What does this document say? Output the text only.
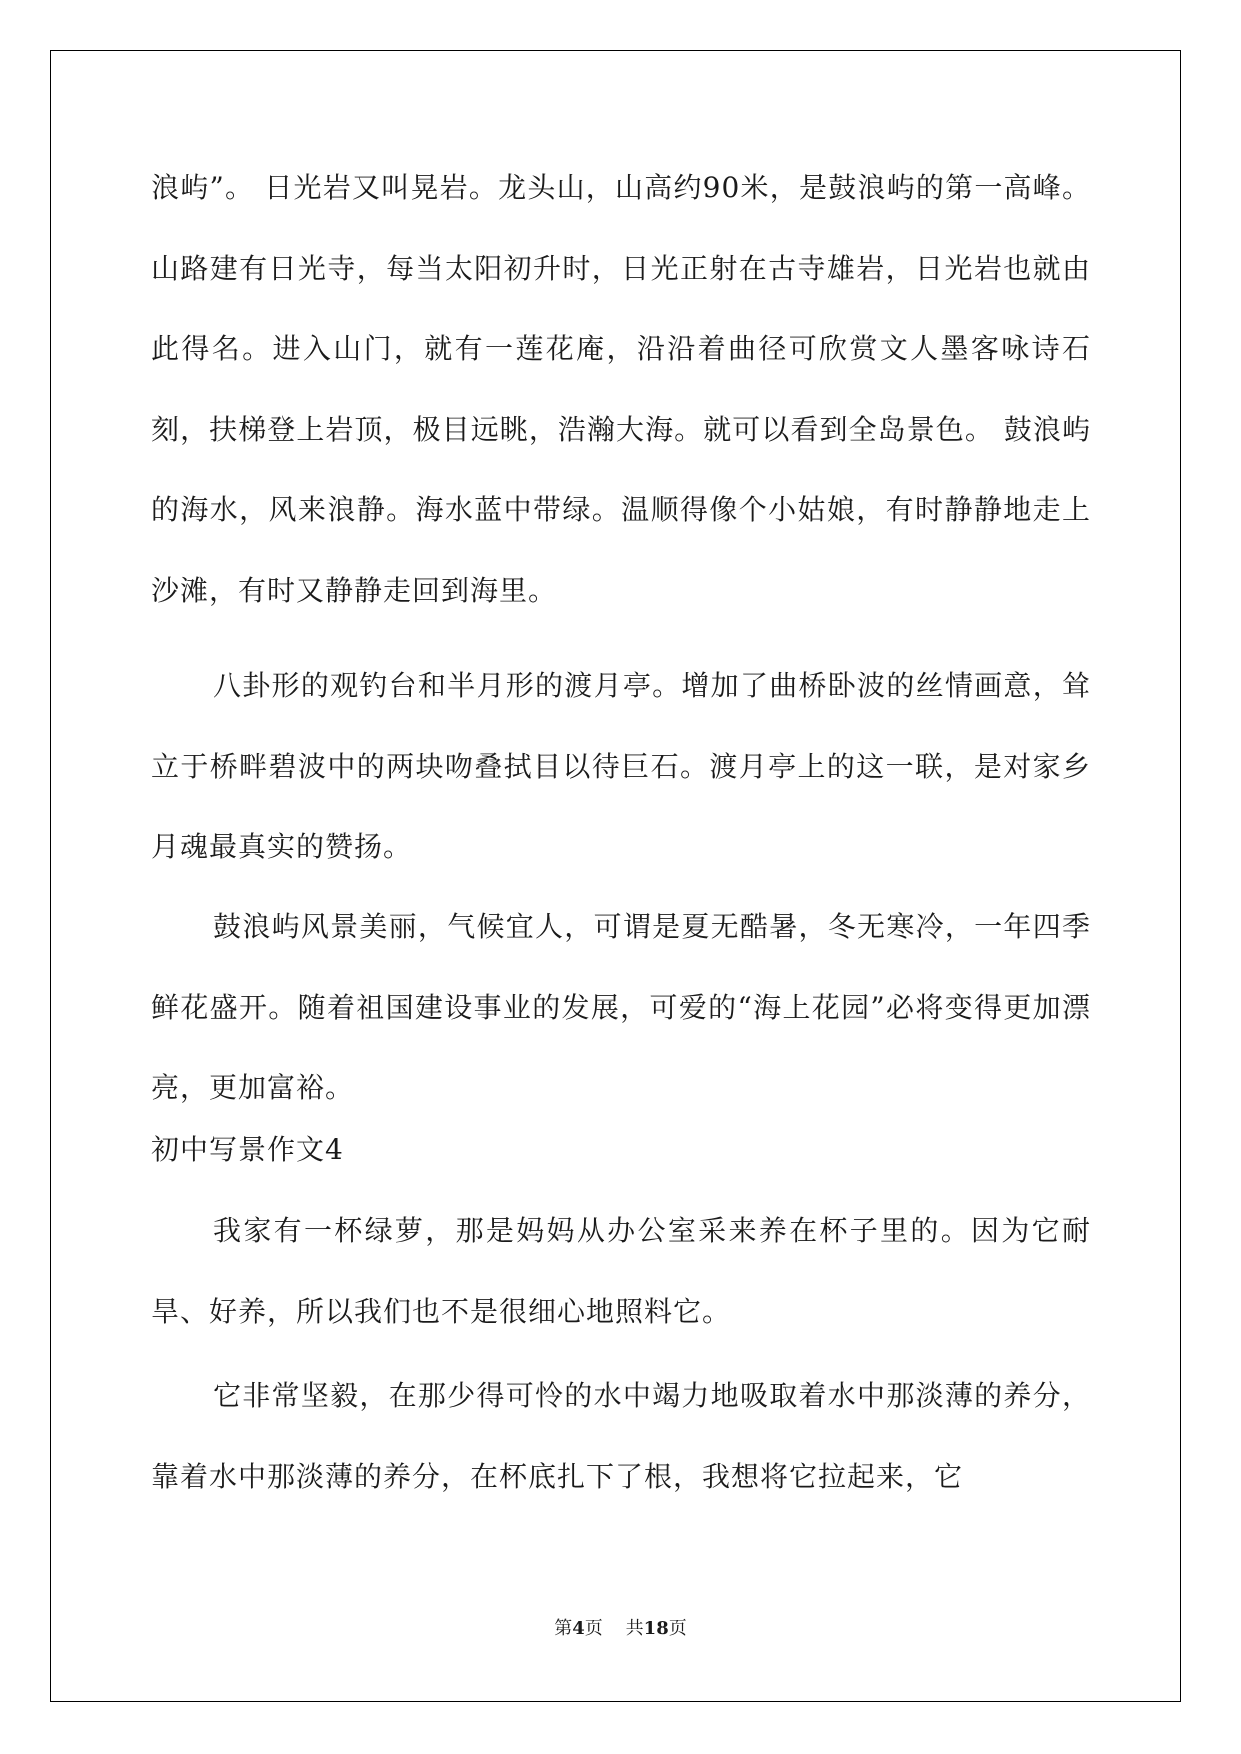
浪屿”。 日光岩又叫晃岩。龙头山，山高约90米，是鼓浪屿的第一高峰。山路建有日光寺，每当太阳初升时，日光正射在古寺雄岩，日光岩也就由此得名。进入山门，就有一莲花庵，沿沿着曲径可欣赏文人墨客咏诗石刻，扶梯登上岩顶，极目远眺，浩瀚大海。就可以看到全岛景色。 鼓浪屿的海水，风来浪静。海水蓝中带绿。温顺得像个小姑娘，有时静静地走上沙滩，有时又静静走回到海里。

八卦形的观钓台和半月形的渡月亭。增加了曲桥卧波的丝情画意，耸立于桥畔碧波中的两块吻叠拭目以待巨石。渡月亭上的这一联，是对家乡月魂最真实的赞扬。

鼓浪屿风景美丽，气候宜人，可谓是夏无酷暑，冬无寒冷，一年四季鲜花盛开。随着祖国建设事业的发展，可爱的“海上花园”必将变得更加漂亮，更加富裕。

初中写景作文4

我家有一杯绿萝，那是妈妈从办公室采来养在杯子里的。因为它耐旱、好养，所以我们也不是很细心地照料它。

它非常坚毅，在那少得可怜的水中竭力地吸取着水中那淡薄的养分，靠着水中那淡薄的养分，在杯底扎下了根，我想将它拉起来，它

第4页 共18页
